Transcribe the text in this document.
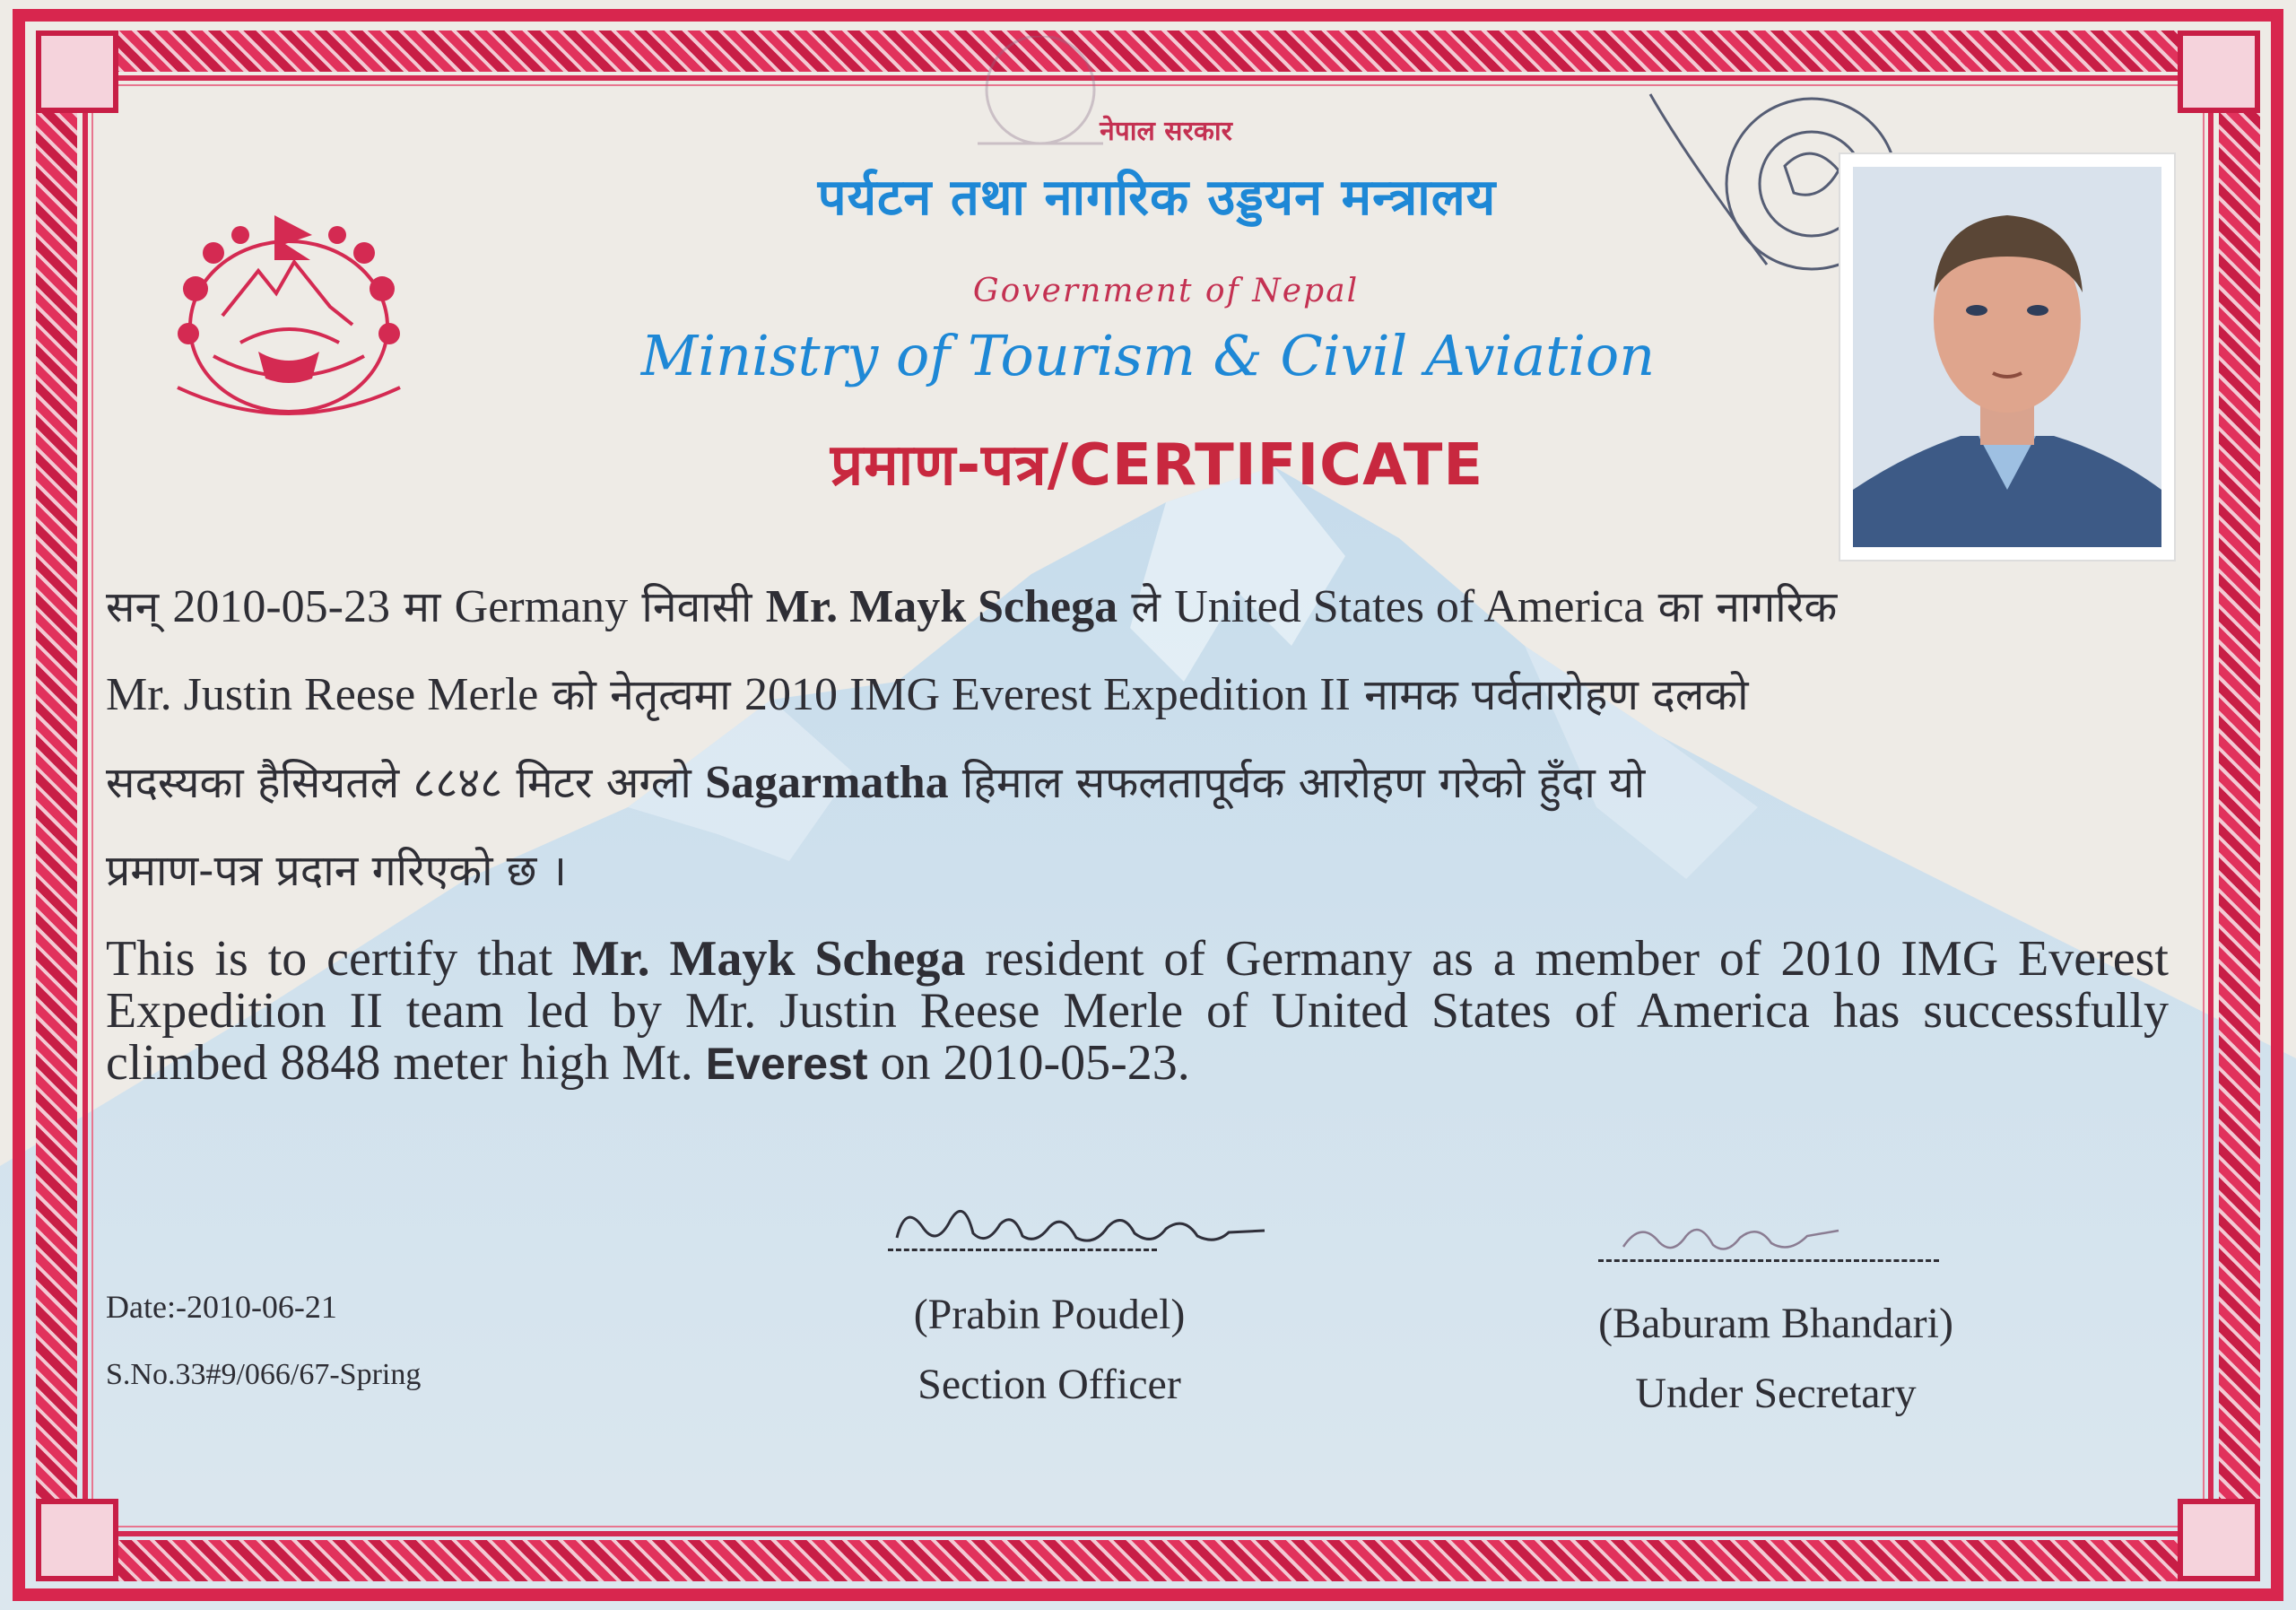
नेपाल सरकार
पर्यटन तथा नागरिक उड्डयन मन्त्रालय
Government of Nepal
Ministry of Tourism & Civil Aviation
प्रमाण-पत्र/CERTIFICATE
सन् 2010-05-23 मा Germany निवासी Mr. Mayk Schega ले United States of America का नागरिक
Mr. Justin Reese Merle को नेतृत्वमा 2010 IMG Everest Expedition II नामक पर्वतारोहण दलको
सदस्यका हैसियतले ८८४८ मिटर अग्लो Sagarmatha हिमाल सफलतापूर्वक आरोहण गरेको हुँदा यो
प्रमाण-पत्र प्रदान गरिएको छ ।
This is to certify that Mr. Mayk Schega resident of Germany as a member of 2010 IMG Everest Expedition II team led by Mr. Justin Reese Merle of United States of America has successfully climbed 8848 meter high Mt. Everest on 2010-05-23.
Date:-2010-06-21
S.No.33#9/066/67-Spring
(Prabin Poudel)
Section Officer
(Baburam Bhandari)
Under Secretary
